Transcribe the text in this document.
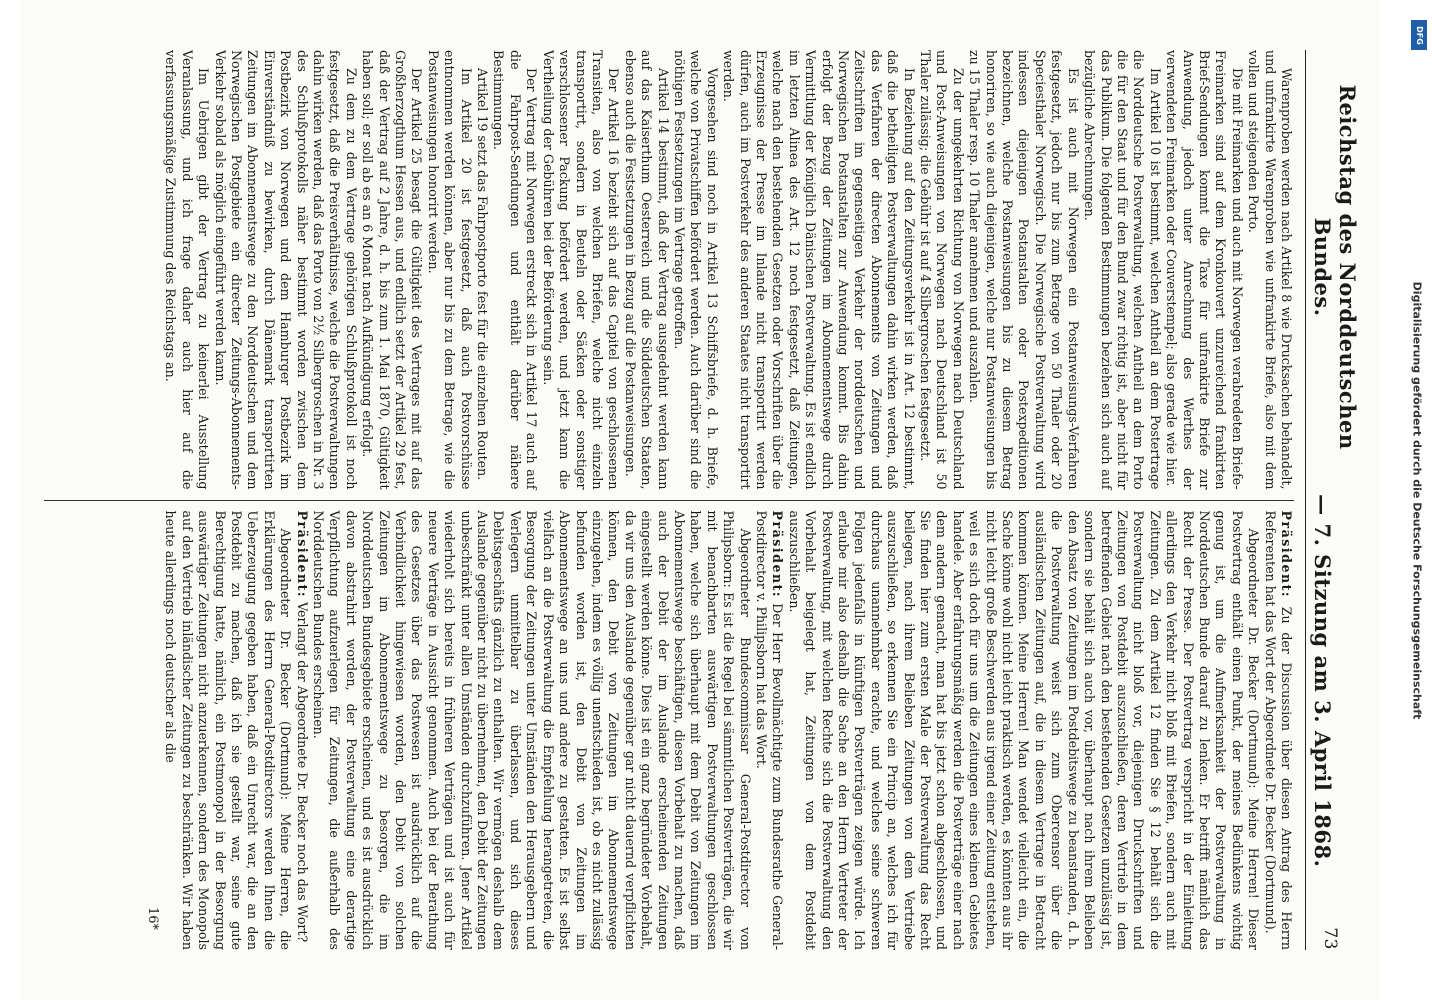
Reichstag des Norddeutschen Bundes.
— 7. Sitzung am 3. April 1868.
73

Warenproben werden nach Artikel 8 wie Drucksachen behandelt, und unfrankirte Warenproben wie unfrankirte Briefe, also mit dem vollen und steigenden Porto.

Die mit Freimarken und auch mit Norwegen verabredeten Briefe-Freimarken sind auf dem Kronkouvert unzureichend frankirten Brief-Sendungen kommt die Taxe für unfrankirte Briefe zur Anwendung, jedoch unter Anrechnung des Werthes der verwendeten Freimarken oder Couverstempel; also gerade wie hier.

Im Artikel 10 ist bestimmt, welchen Antheil an dem Postertrage die Norddeutsche Postverwaltung, welchen Antheil an dem Porto die für den Staat und für den Bund zwar richtig ist, aber nicht für das Publikum. Die folgenden Bestimmungen beziehen sich auch auf bezügliche Abrechnungen.

Es ist auch mit Norwegen ein Postanweisungs-Verfahren festgesetzt, jedoch nur bis zum Betrage von 50 Thaler oder 20 Speciesthaler Norwegisch. Die Norwegische Postverwaltung wird indessen diejenigen Postanstalten oder Postexpeditionen bezeichnen, welche Postanweisungen bis zu diesem Betrag honoriren, so wie auch diejenigen, welche nur Postanweisungen bis zu 15 Thaler resp. 10 Thaler annehmen und auszahlen.

Zu der umgekehrten Richtung von Norwegen nach Deutschland und Post-Anweisungen von Norwegen nach Deutschland ist 50 Thaler zulässig; die Gebühr ist auf 4 Silbergroschen festgesetzt.

In Beziehung auf den Zeitungsverkehr ist in Art. 12 bestimmt, daß die betheiligten Postverwaltungen dahin wirken werden, daß das Verfahren der directen Abonnements von Zeitungen und Zeitschriften im gegenseitigen Verkehr der norddeutschen und Norwegischen Postanstalten zur Anwendung kommt. Bis dahin erfolgt der Bezug der Zeitungen im Abonnementswege durch Vermittlung der Königlich Dänischen Postverwaltung. Es ist endlich im letzten Alinea des Art. 12 noch festgesetzt, daß Zeitungen, welche nach den bestehenden Gesetzen oder Vorschriften über die Erzeugnisse der Presse im Inlande nicht transportirt werden dürfen, auch im Postverkehr des anderen Staates nicht transportirt werden.

Vorgesehen sind noch in Artikel 13 Schiffsbriefe, d. h. Briefe, welche von Privatschiffen befördert werden. Auch darüber sind die nöthigen Festsetzungen im Vertrage getroffen.

Artikel 14 bestimmt, daß der Vertrag ausgedehnt werden kann auf das Kaiserthum Oesterreich und die Süddeutschen Staaten, ebenso auch die Festsetzungen in Bezug auf die Postanweisungen.

Der Artikel 16 bezieht sich auf das Capitel von geschlossenen Transiten, also von welchen Briefen, welche nicht einzeln transportirt, sondern in Beuteln oder Säcken oder sonstiger verschlossener Packung befördert werden, und jetzt kann die Vertheilung der Gebühren bei der Beförderung sein.

Der Vertrag mit Norwegen erstreckt sich in Artikel 17 auch auf die Fahrpost-Sendungen und enthält darüber nähere Bestimmungen.

Artikel 19 setzt das Fahrpostporto fest für die einzelnen Routen.

Im Artikel 20 ist festgesetzt, daß auch Postvorschüsse entnommen werden können, aber nur bis zu dem Betrage, wie die Postanweisungen honorirt werden.

Der Artikel 25 besagt die Gültigkeit des Vertrages mit auf das Großherzogthum Hessen aus, und endlich setzt der Artikel 29 fest, daß der Vertrag auf 2 Jahre, d. h. bis zum 1. Mai 1870, Gültigkeit haben soll; er soll ab es an 6 Monat nach Aufkündigung erfolgt.

Zu dem zu dem Vertrage gehörigen Schlußprotokoll ist noch festgesetzt, daß die Preisverhältnisse, welche die Postverwaltungen dahin wirken werden, daß das Porto von 2½ Silbergroschen in Nr. 3 des Schlußprotokolls näher bestimmt worden zwischen dem Postbezirk von Norwegen und dem Hamburger Postbezirk im Einverständniß zu bewirken, durch Dänemark transportirten Zeitungen im Abonnementswege zu den Norddeutschen und dem Norwegischen Postgebiete ein directer Zeitungs-Abonnements-Verkehr sobald als möglich eingeführt werden kann.

Im Uebrigen gibt der Vertrag zu keinerlei Ausstellung Veranlassung, und ich frage daher auch hier auf die verfassungsmäßige Zustimmung des Reichstags an.

Präsident: Zu der Discussion über diesen Antrag des Herrn Referenten hat das Wort der Abgeordnete Dr. Becker (Dortmund).

Abgeordneter Dr. Becker (Dortmund): Meine Herren! Dieser Postvertrag enthält einen Punkt, der meines Bedünkens wichtig genug ist, um die Aufmerksamkeit der Postverwaltung in Norddeutschen Bunde darauf zu lenken. Er betrifft nämlich das Recht der Presse. Der Postvertrag verspricht in der Einleitung allerdings den Verkehr nicht bloß mit Briefen, sondern auch mit Zeitungen. Zu dem Artikel 12 finden Sie § 12 behält sich die Postverwaltung nicht bloß vor, diejenigen Druckschriften und Zeitungen von Postdebit auszuschließen, deren Vertrieb in dem betreffenden Gebiet nach den bestehenden Gesetzen unzulässig ist, sondern sie behält sich auch vor, überhaupt nach ihrem Belieben den Absatz von Zeitungen im Postdebitswege zu beanstanden, d. h. die Postverwaltung weist sich zum Obercensor über die ausländischen Zeitungen auf, die in diesem Vertrage in Betracht kommen können. Meine Herren! Man wendet vielleicht ein, die Sache könne wohl nicht leicht praktisch werden, es könnten aus ihr nicht leicht große Beschwerden aus irgend einer Zeitung entstehen, weil es sich doch für uns um die Zeitungen eines kleinen Gebietes handele. Aber erfahrungsmäßig werden die Postverträge einer nach dem andern gemacht, man hat bis jetzt schon abgeschlossen, und Sie finden hier zum ersten Male der Postverwaltung das Recht beilegen, nach ihrem Belieben Zeitungen von dem Vertriebe auszuschließen, so erkennen Sie ein Princip an, welches ich für durchaus unannehmbar erachte, und welches seine schweren Folgen jedenfalls in künftigen Postverträgen zeigen würde. Ich erlaube mir also deshalb die Sache an den Herrn Vertreter der Postverwaltung, mit welchen Rechte sich die Postverwaltung den Vorbehalt beigelegt hat, Zeitungen von dem Postdebit auszuschließen.

Präsident: Der Herr Bevollmächtigte zum Bundesrathe General-Postdirector v. Philipsborn hat das Wort.

Abgeordneter Bundescommissar General-Postdirector von Philipsborn: Es ist die Regel bei sämmtlichen Postverträgen, die wir mit benachbarten auswärtigen Postverwaltungen geschlossen haben, welche sich überhaupt mit dem Debit von Zeitungen im Abonnementswege beschäftigen, diesen Vorbehalt zu machen, daß auch der Debit der im Auslande erscheinenden Zeitungen eingestellt werden könne. Dies ist ein ganz begründeter Vorbehalt, da wir uns den Auslande gegenüber gar nicht dauernd verpflichten können, den Debit von Zeitungen im Abonnementswege einzugehen, indem es völlig unentschieden ist, ob es nicht zulässig befunden worden ist, den Debit von Zeitungen im Abonnementswege an uns und andere zu gestatten. Es ist selbst vielfach an die Postverwaltung die Empfehlung herangetreten, die Besorgung der Zeitungen unter Umständen den Herausgebern und Verlegern unmittelbar zu überlassen, und sich dieses Debitsgeschäfts gänzlich zu enthalten. Wir vermögen deshalb dem Auslande gegenüber nicht zu übernehmen, den Debit der Zeitungen unbeschränkt unter allen Umständen durchzuführen. Jener Artikel wiederholt sich bereits in früheren Verträgen und ist auch für neuere Verträge in Aussicht genommen. Auch bei der Berathung des Gesetzes über das Postwesen ist ausdrücklich auf die Verbindlichkeit hingewiesen worden, den Debit von solchen Zeitungen im Abonnementswege zu besorgen, die im Norddeutschen Bundesgebiete erscheinen, und es ist ausdrücklich davon abstrahirt worden, der Postverwaltung eine derartige Verpflichtung aufzuerlegen für Zeitungen, die außerhalb des Norddeutschen Bundes erscheinen.

Präsident: Verlangt der Abgeordnete Dr. Becker noch das Wort?

Abgeordneter Dr. Becker (Dortmund): Meine Herren, die Erklärungen des Herrn General-Postdirectors werden Ihnen die Ueberzeugung gegeben haben, daß ein Unrecht war, die an den Postdebit zu machen, daß ich sie gestellt war, seine gute Berechtigung hatte, nämlich, ein Postmonopol in der Besorgung auswärtiger Zeitungen nicht anzuerkennen, sondern des Monopols auf den Vertrieb inländischer Zeitungen zu beschränken. Wir haben heute allerdings noch deutscher als die

16*
Digitalisierung gefördert durch die Deutsche Forschungsgemeinschaft
DFG
